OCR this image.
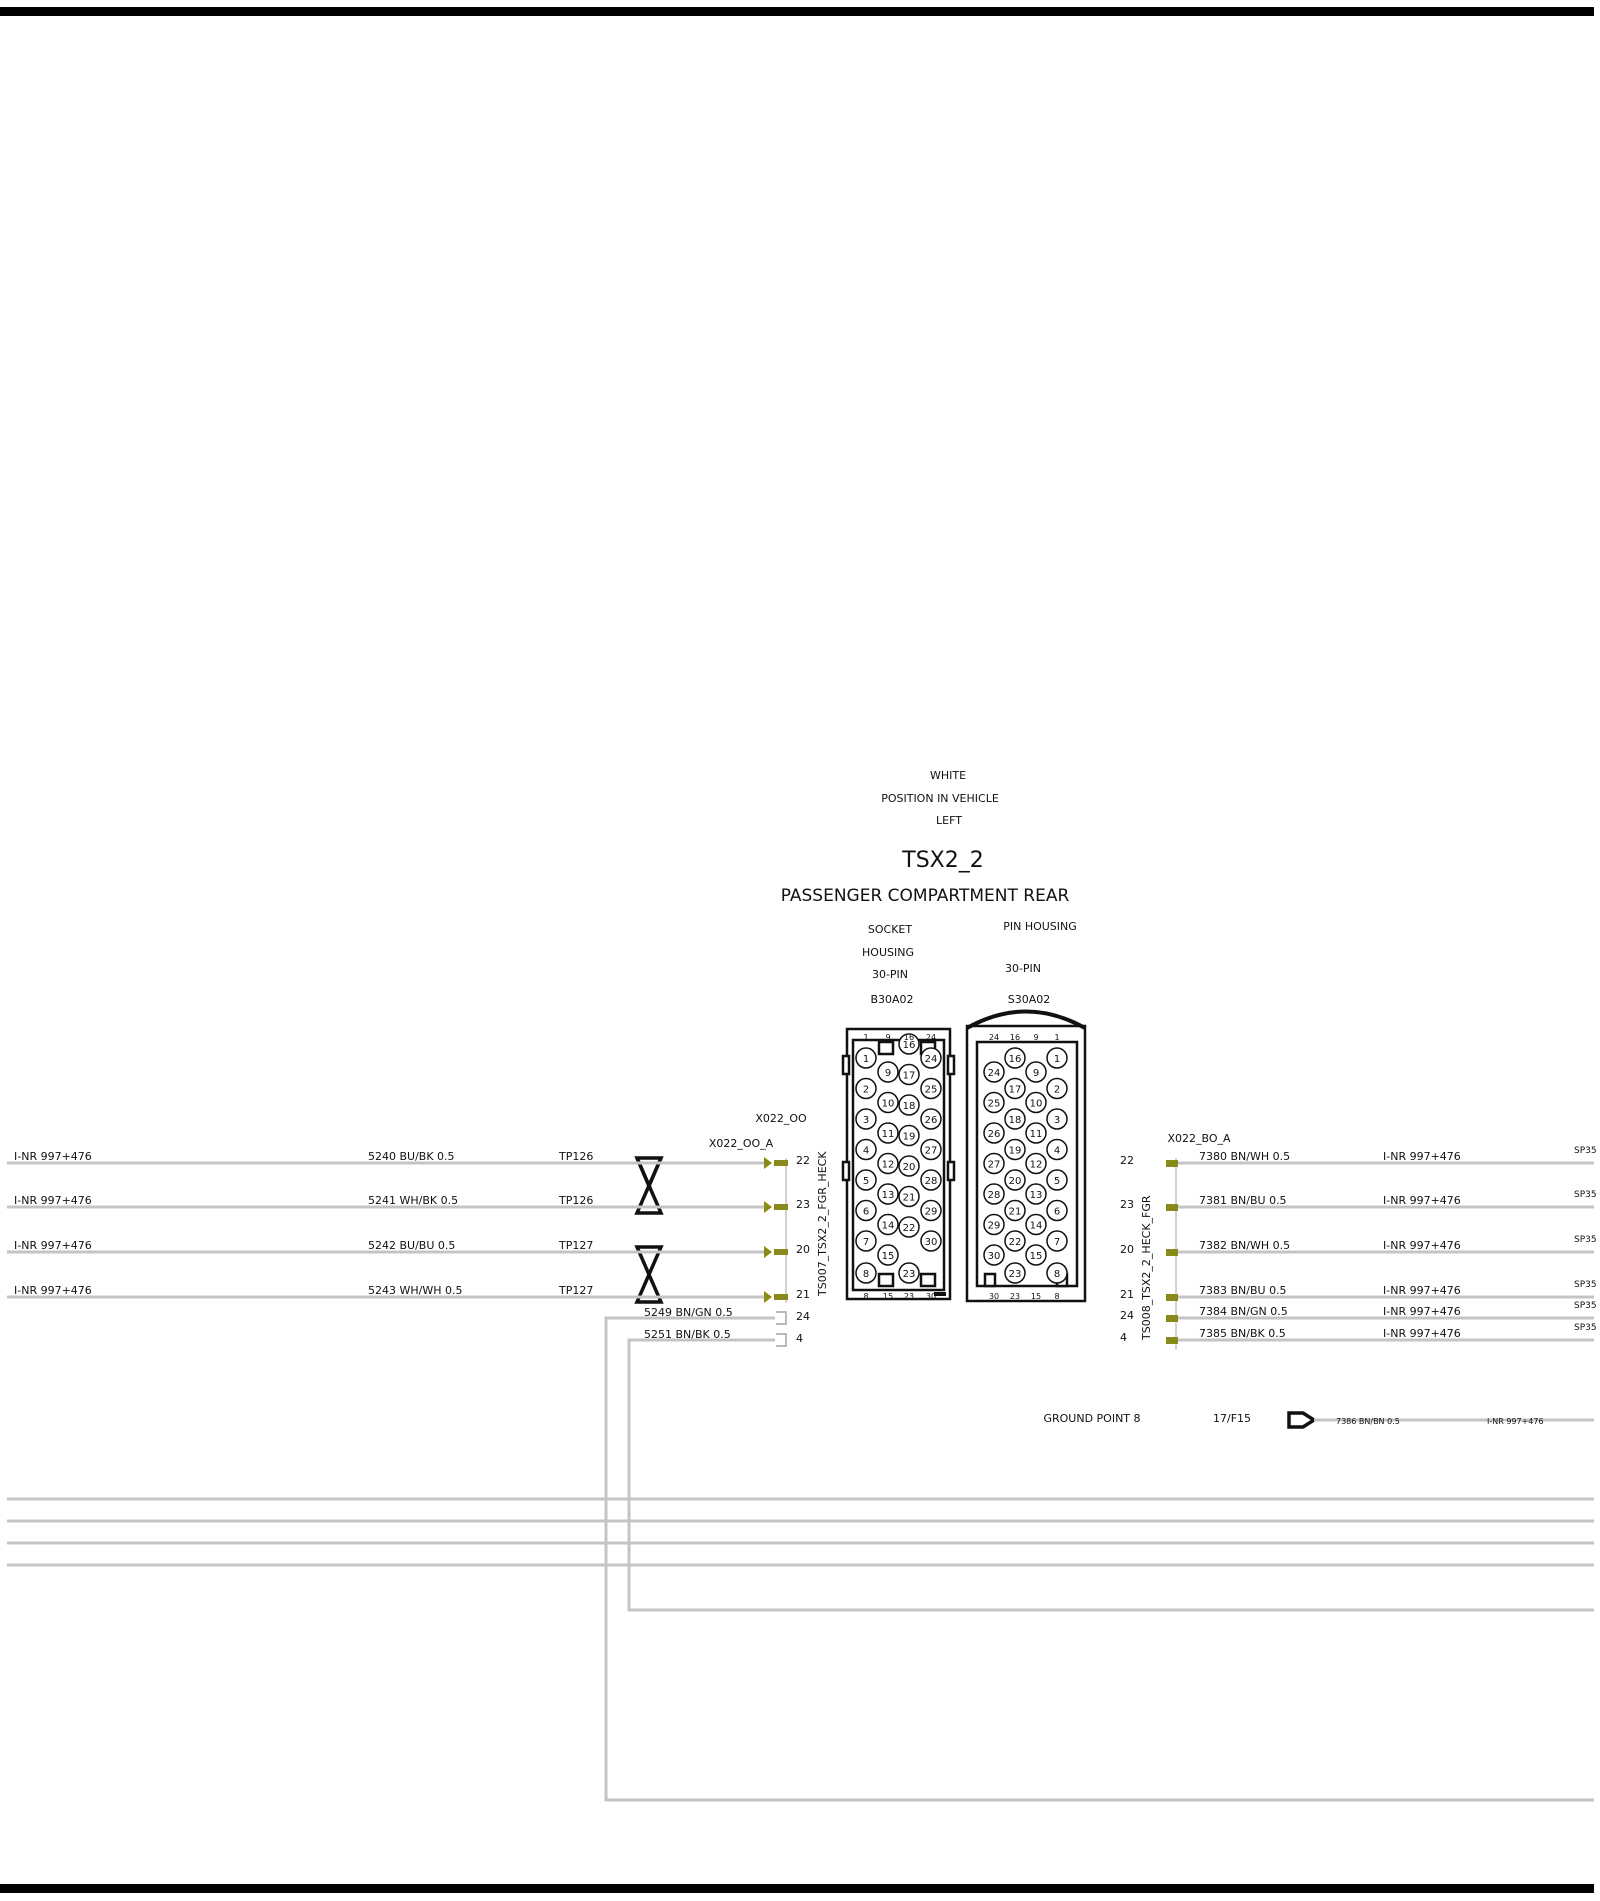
WHITE
POSITION IN VEHICLE
LEFT
TSX2_2
PASSENGER COMPARTMENT REAR
SOCKET
HOUSING
30-PIN
B30A02
PIN HOUSING
30-PIN
S30A02
1
9
16
24
2
10
17
25
3
11
18
26
4
12
19
27
5
13
20
28
6
14
21
29
7
15
22
30
8	23
1 9 16 24
8 15 23 30
16	1
24	9
17	2
25	10
18	3
26	11
19	4
27	12
20	5
28	13
21	6
29	14
22	7
30	15
23	8
24 16 9 1
30 23 15 8
X022_OO
X022_OO_A
TS007_TSX2_2_FGR_HECK
X022_BO_A
TS008_TSX2_2_HECK_FGR
I-NR 997+476	5240 BU/BK 0.5	TP126	22
I-NR 997+476	5241 WH/BK 0.5	TP126	23
I-NR 997+476	5242 BU/BU 0.5	TP127	20
I-NR 997+476	5243 WH/WH 0.5	TP127	21
5249 BN/GN 0.5	24
5251 BN/BK 0.5	4
22	7380 BN/WH 0.5	I-NR 997+476	SP35
23	7381 BN/BU 0.5	I-NR 997+476	SP35
20	7382 BN/WH 0.5	I-NR 997+476	SP35
21	7383 BN/BU 0.5	I-NR 997+476	SP35
24	7384 BN/GN 0.5	I-NR 997+476	SP35
4	7385 BN/BK 0.5	I-NR 997+476	SP35
GROUND POINT 8	17/F15	7386 BN/BN 0.5	I-NR 997+476
